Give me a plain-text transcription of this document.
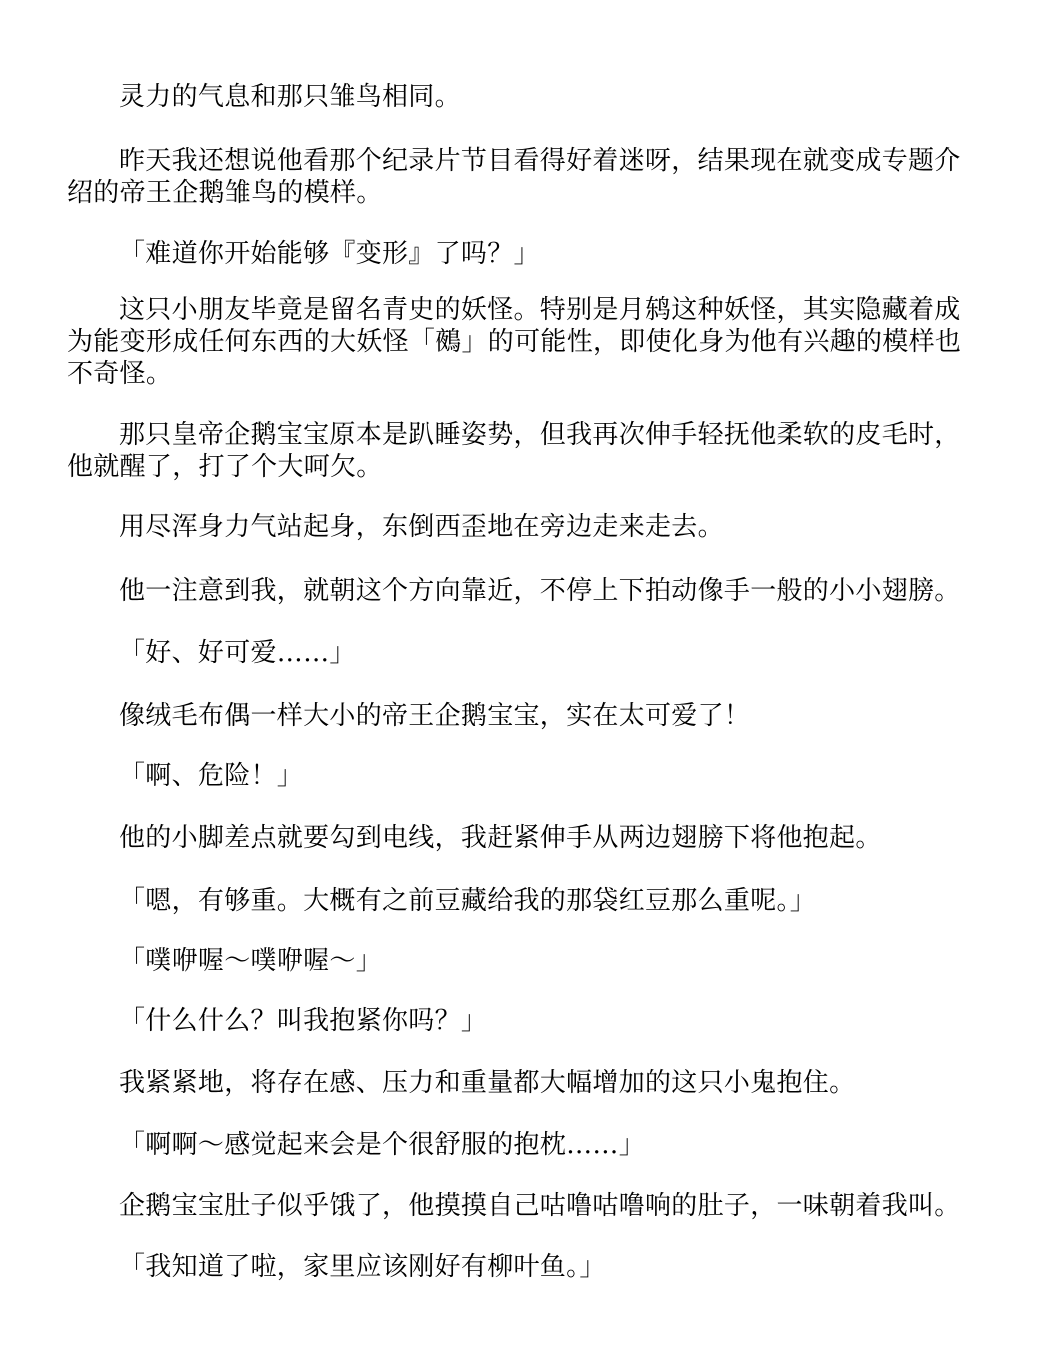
灵力的气息和那只雏鸟相同。

昨天我还想说他看那个纪录片节目看得好着迷呀，结果现在就变成专题介绍的帝王企鹅雏鸟的模样。

「难道你开始能够『变形』了吗？」

这只小朋友毕竟是留名青史的妖怪。特别是月鸫这种妖怪，其实隐藏着成为能变形成任何东西的大妖怪「鵺」的可能性，即使化身为他有兴趣的模样也不奇怪。

那只皇帝企鹅宝宝原本是趴睡姿势，但我再次伸手轻抚他柔软的皮毛时，他就醒了，打了个大呵欠。

用尽浑身力气站起身，东倒西歪地在旁边走来走去。

他一注意到我，就朝这个方向靠近，不停上下拍动像手一般的小小翅膀。

「好、好可爱……」

像绒毛布偶一样大小的帝王企鹅宝宝，实在太可爱了！

「啊、危险！」

他的小脚差点就要勾到电线，我赶紧伸手从两边翅膀下将他抱起。

「嗯，有够重。大概有之前豆藏给我的那袋红豆那么重呢。」

「噗咿喔～噗咿喔～」

「什么什么？叫我抱紧你吗？」

我紧紧地，将存在感、压力和重量都大幅增加的这只小鬼抱住。

「啊啊～感觉起来会是个很舒服的抱枕……」

企鹅宝宝肚子似乎饿了，他摸摸自己咕噜咕噜响的肚子，一味朝着我叫。

「我知道了啦，家里应该刚好有柳叶鱼。」
